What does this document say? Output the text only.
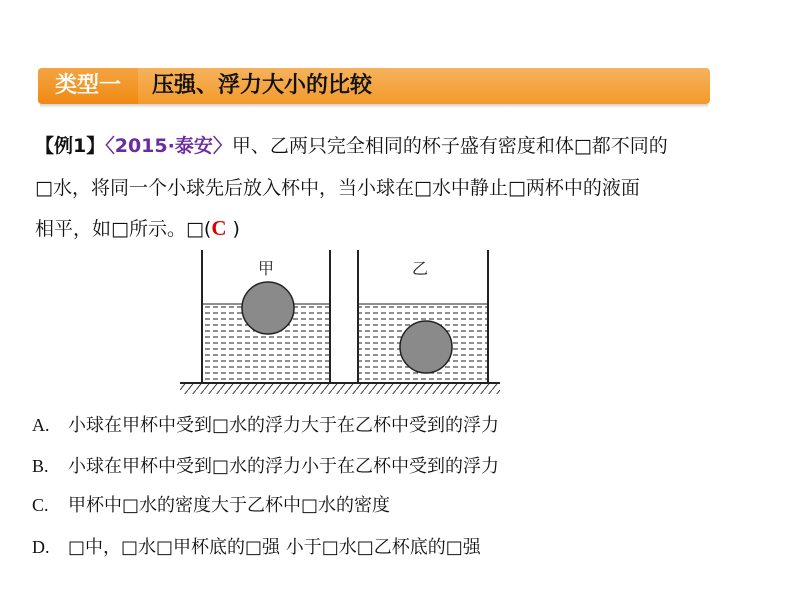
类型一	压强、浮力大小的比较
【例1】〈2015·泰安〉甲、乙两只完全相同的杯子盛有密度和体□都不同的
□水，将同一个小球先后放入杯中，当小球在□水中静止□两杯中的液面
相平，如□所示。□(C )
甲	乙
A. 小球在甲杯中受到□水的浮力大于在乙杯中受到的浮力
B. 小球在甲杯中受到□水的浮力小于在乙杯中受到的浮力
C. 甲杯中□水的密度大于乙杯中□水的密度
D. □中，□水□甲杯底的□强 小于□水□乙杯底的□强
